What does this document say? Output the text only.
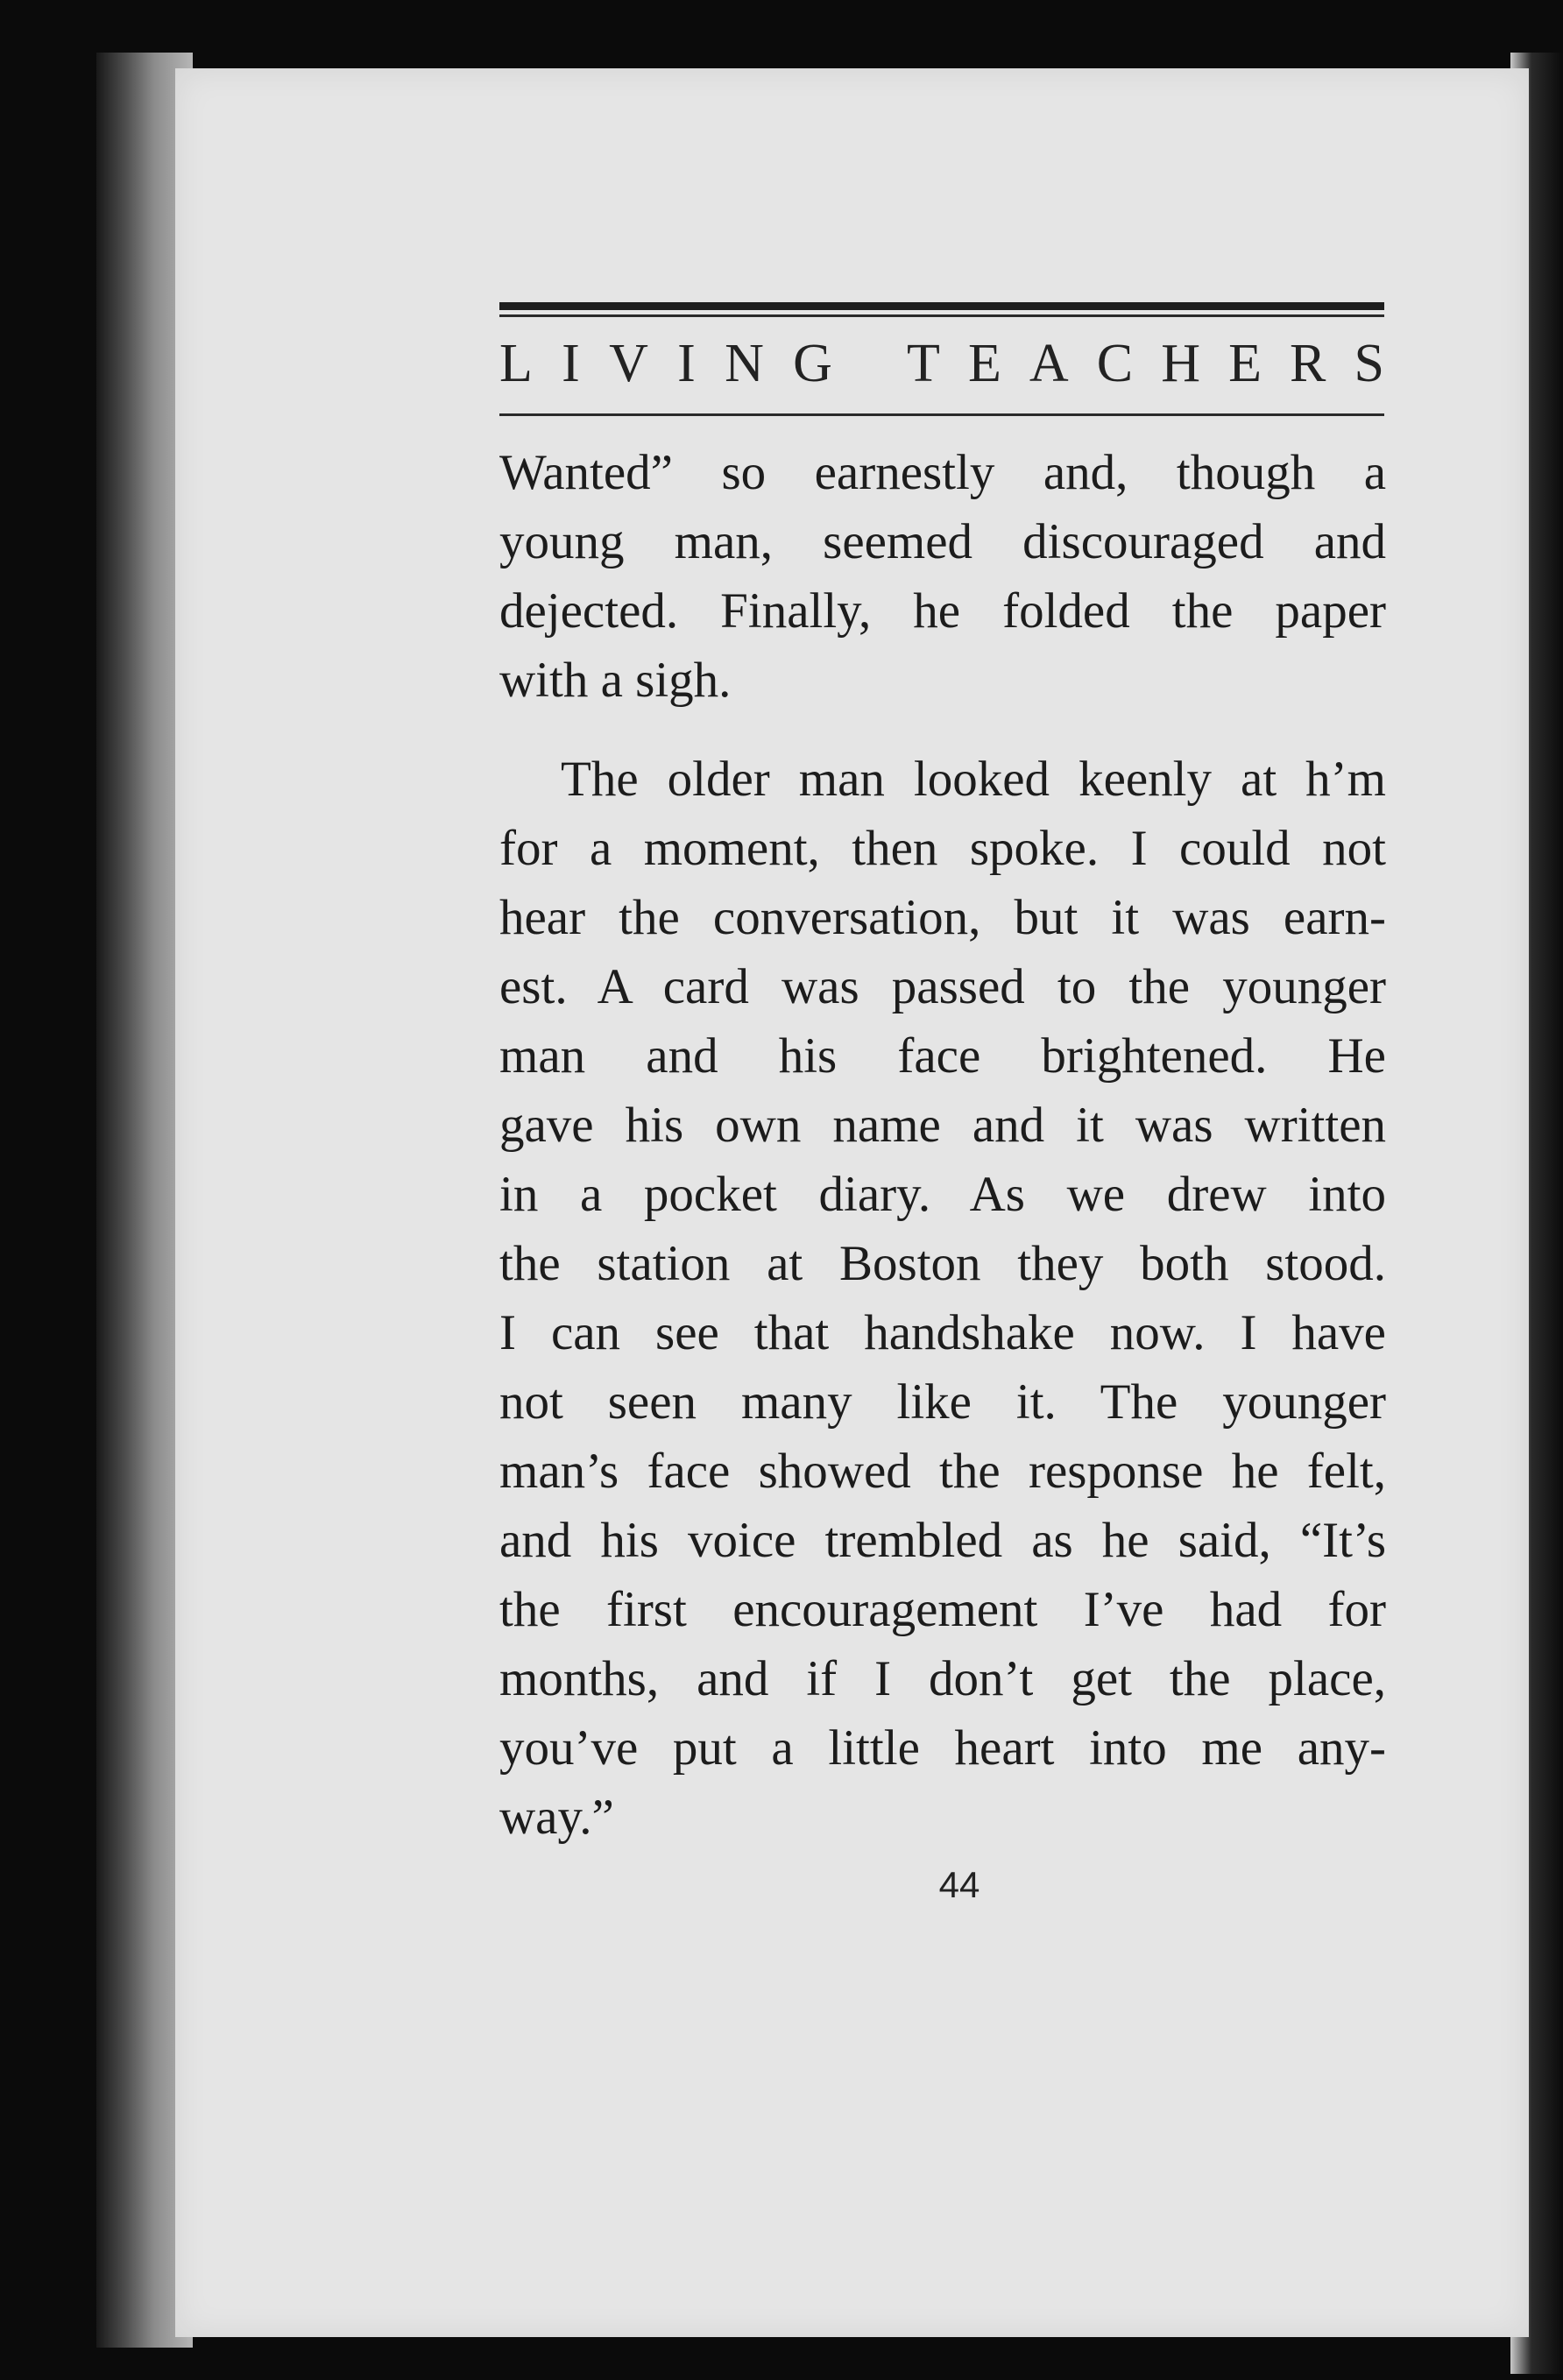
L I V I N G T E A C H E R S
Wanted” so earnestly and, though a
young man, seemed discouraged and
dejected. Finally, he folded the paper
with a sigh.
The older man looked keenly at h’m
for a moment, then spoke. I could not
hear the conversation, but it was earn-
est. A card was passed to the younger
man and his face brightened. He
gave his own name and it was written
in a pocket diary. As we drew into
the station at Boston they both stood.
I can see that handshake now. I have
not seen many like it. The younger
man’s face showed the response he felt,
and his voice trembled as he said, “It’s
the first encouragement I’ve had for
months, and if I don’t get the place,
you’ve put a little heart into me any-
way.”
44
